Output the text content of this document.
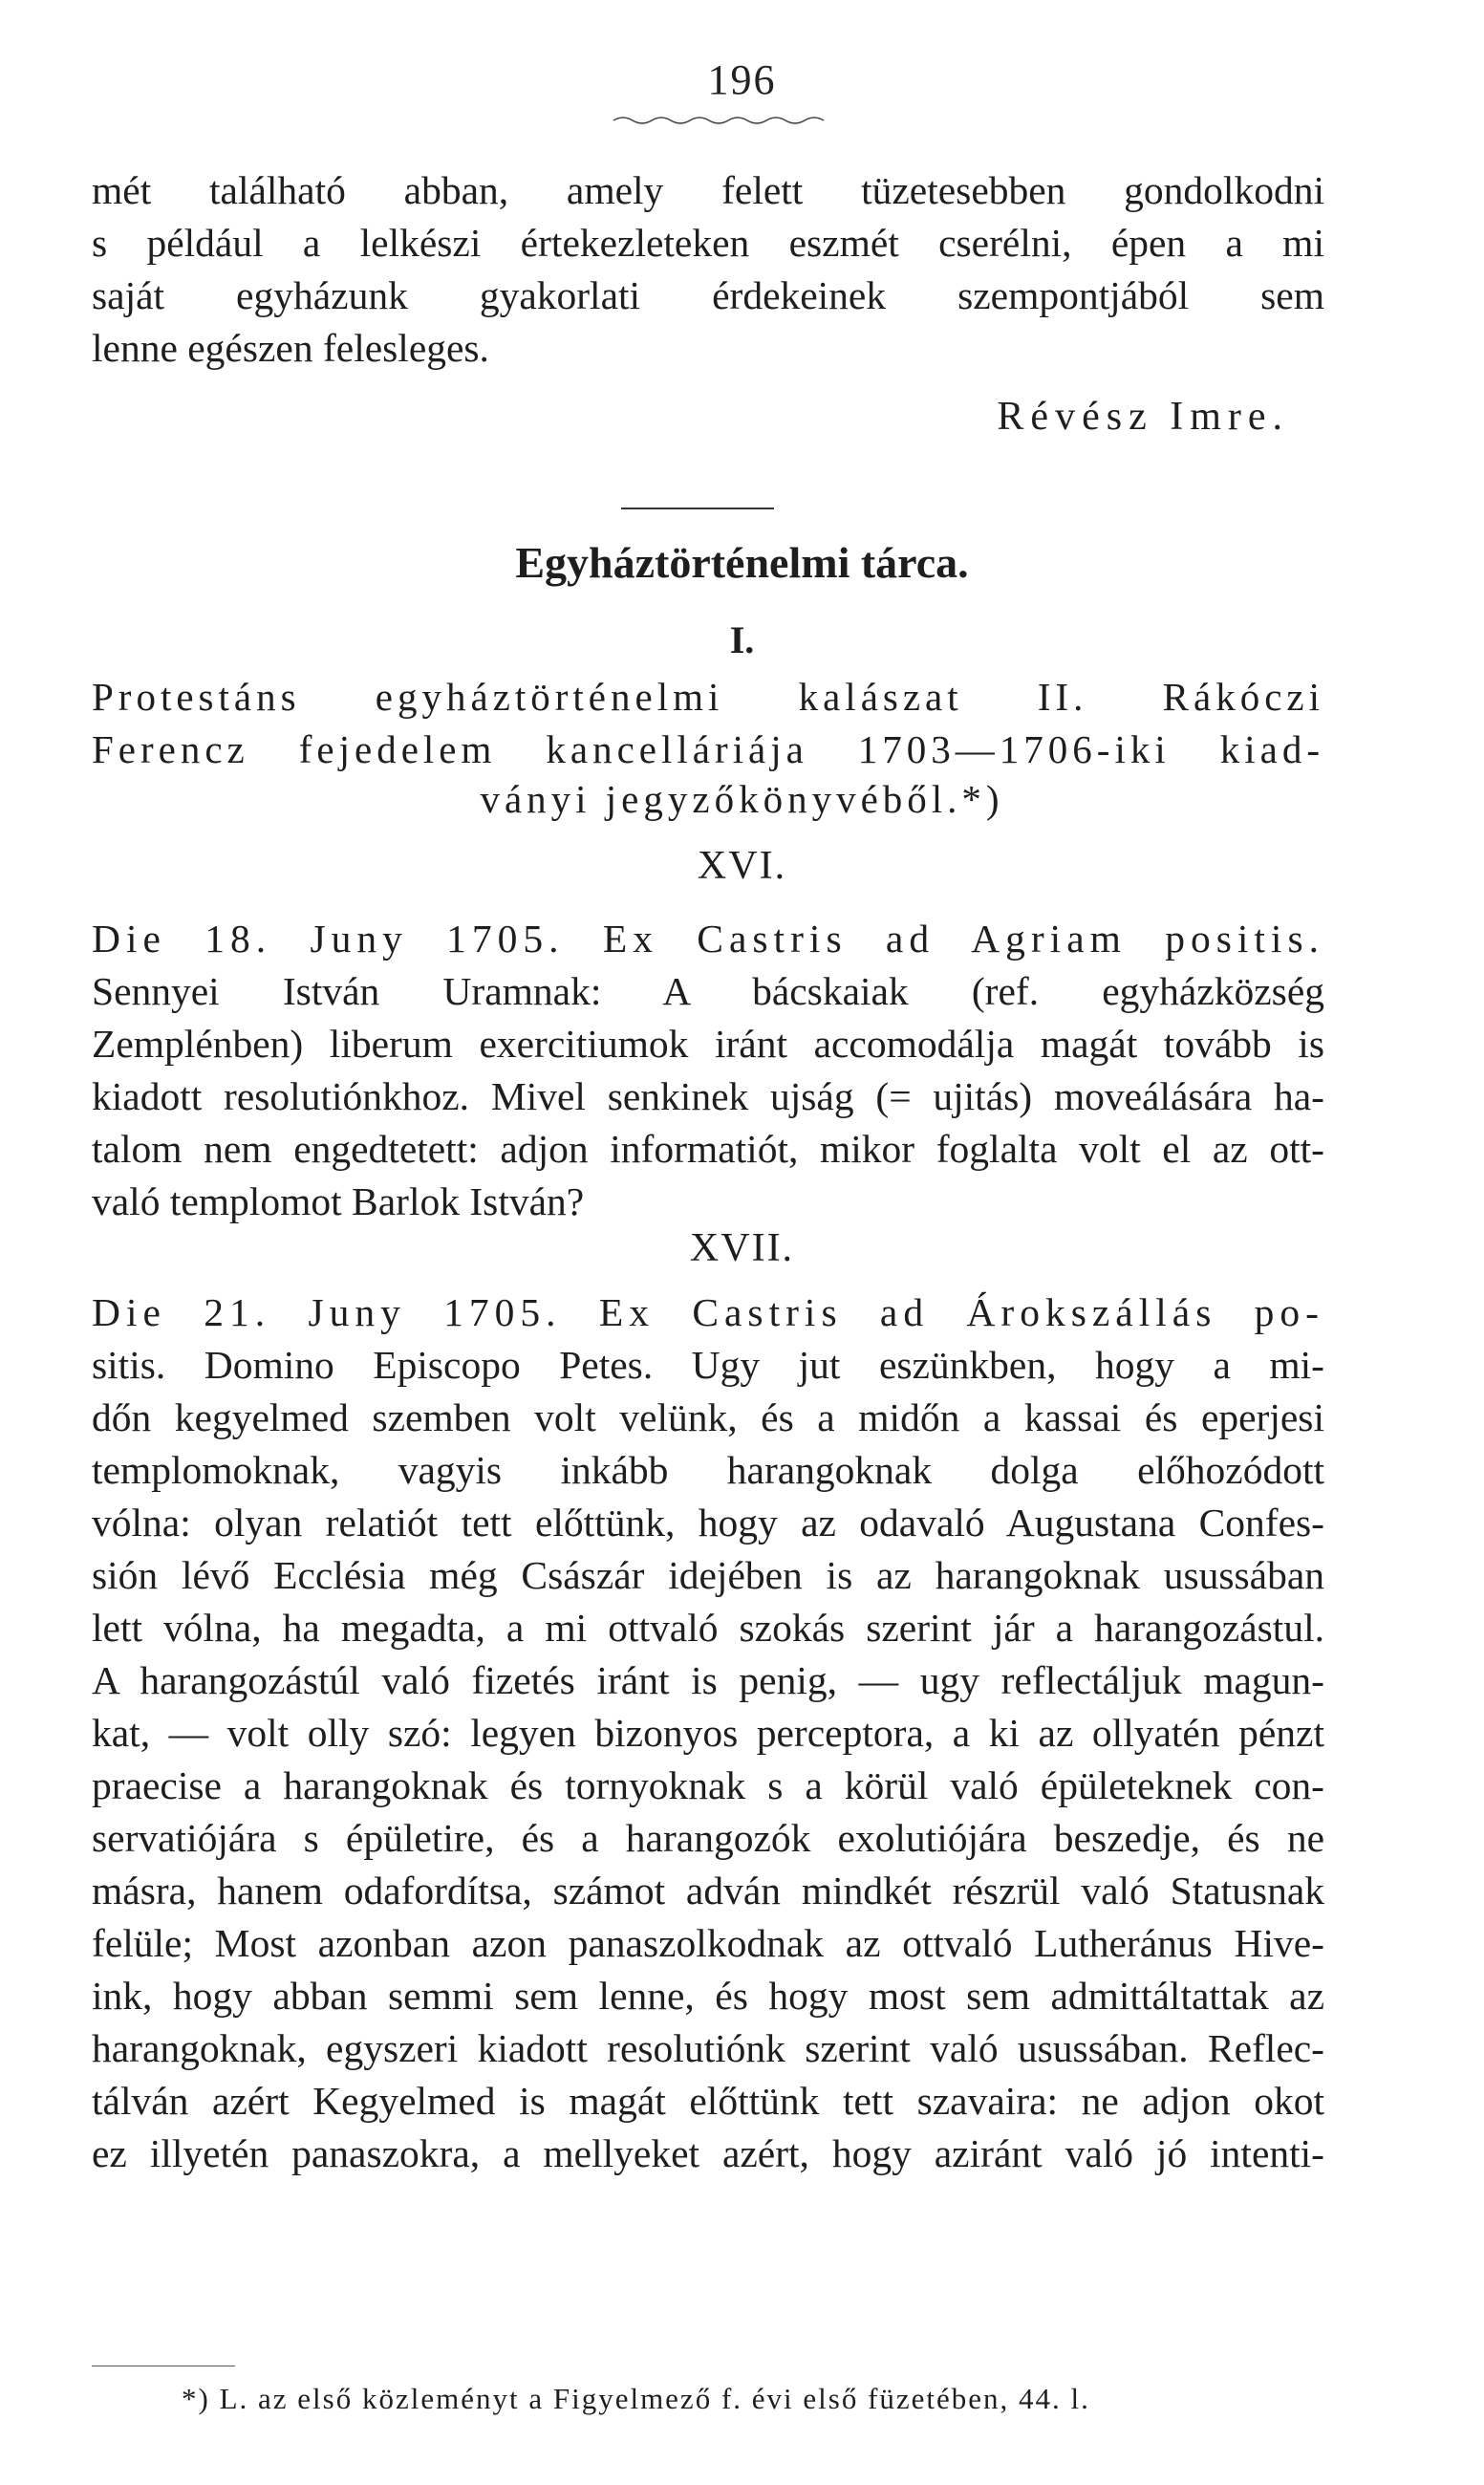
196

mét található abban, amely felett tüzetesebben gondolkodni

s például a lelkészi értekezleteken eszmét cserélni, épen a mi

saját egyházunk gyakorlati érdekeinek szempontjából sem

lenne egészen felesleges.

Révész Imre.
Egyháztörténelmi tárca.
I.

Protestáns egyháztörténelmi kalászat II. Rákóczi

Ferencz fejedelem kancelláriája 1703—1706-iki kiad-

ványi jegyzőkönyvéből.*)
XVI.

Die 18. Juny 1705. Ex Castris ad Agriam positis.

Sennyei István Uramnak: A bácskaiak (ref. egyházközség

Zemplénben) liberum exercitiumok iránt accomodálja magát tovább is

kiadott resolutiónkhoz. Mivel senkinek ujság (= ujitás) moveálására ha-

talom nem engedtetett: adjon informatiót, mikor foglalta volt el az ott-

való templomot Barlok István?

XVII.

Die 21. Juny 1705. Ex Castris ad Árokszállás po-

sitis. Domino Episcopo Petes. Ugy jut eszünkben, hogy a mi-

dőn kegyelmed szemben volt velünk, és a midőn a kassai és eperjesi

templomoknak, vagyis inkább harangoknak dolga előhozódott

vólna: olyan relatiót tett előttünk, hogy az odavaló Augustana Confes-

sión lévő Ecclésia még Császár idejében is az harangoknak usussában

lett vólna, ha megadta, a mi ottvaló szokás szerint jár a harangozástul.

A harangozástúl való fizetés iránt is penig, — ugy reflectáljuk magun-

kat, — volt olly szó: legyen bizonyos perceptora, a ki az ollyatén pénzt

praecise a harangoknak és tornyoknak s a körül való épületeknek con-

servatiójára s épületire, és a harangozók exolutiójára beszedje, és ne

másra, hanem odafordítsa, számot adván mindkét részrül való Statusnak

felüle; Most azonban azon panaszolkodnak az ottvaló Lutheránus Hive-

ink, hogy abban semmi sem lenne, és hogy most sem admittáltattak az

harangoknak, egyszeri kiadott resolutiónk szerint való usussában. Reflec-

tálván azért Kegyelmed is magát előttünk tett szavaira: ne adjon okot

ez illyetén panaszokra, a mellyeket azért, hogy aziránt való jó intenti-

*) L. az első közleményt a Figyelmező f. évi első füzetében, 44. l.
